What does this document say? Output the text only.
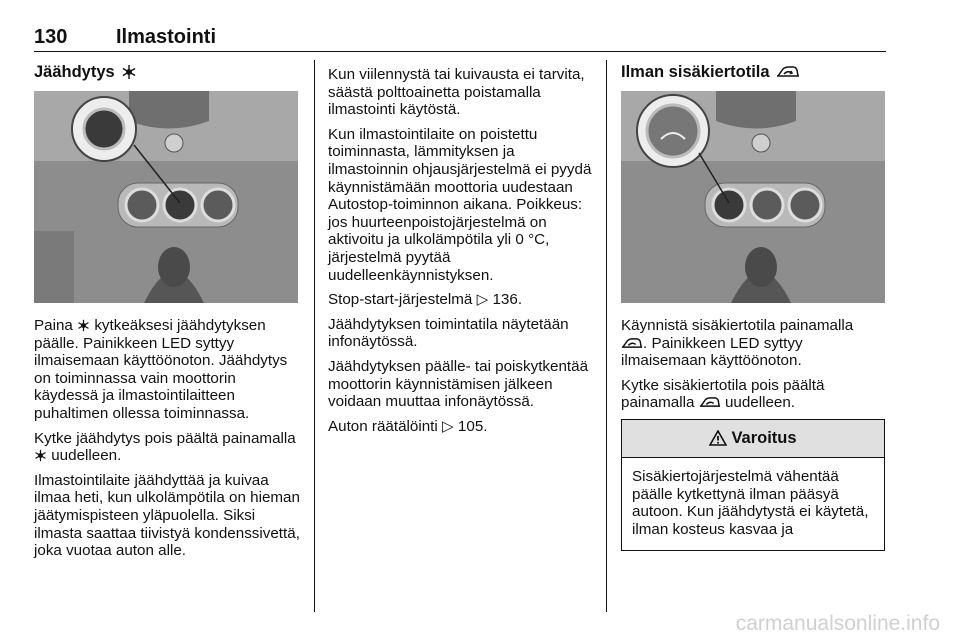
130 Ilmastointi
Jäähdytys

Paina kytkeäksesi jäähdytyksen päälle. Painikkeen LED syttyy ilmaisemaan käyttöönoton. Jäähdytys on toiminnassa vain moottorin käydessä ja ilmastointilaitteen puhaltimen ollessa toiminnassa.

Kytke jäähdytys pois päältä painamalla  uudelleen.

Ilmastointilaite jäähdyttää ja kuivaa ilmaa heti, kun ulkolämpötila on hieman jäätymispisteen yläpuolella. Siksi ilmasta saattaa tiivistyä kondenssivettä, joka vuotaa auton alle.

Kun viilennystä tai kuivausta ei tarvita, säästä polttoainetta poistamalla ilmastointi käytöstä.

Kun ilmastointilaite on poistettu toiminnasta, lämmityksen ja ilmastoinnin ohjausjärjestelmä ei pyydä käynnistämään moottoria uudestaan Autostop-toiminnon aikana. Poikkeus: jos huurteenpoistojärjestelmä on aktivoitu ja ulkolämpötila yli 0 °C, järjestelmä pyytää uudelleenkäynnistyksen.

Stop-start-järjestelmä ▷ 136.

Jäähdytyksen toimintatila näytetään infonäytössä.

Jäähdytyksen päälle- tai poiskytkentää moottorin käynnistämisen jälkeen voidaan muuttaa infonäytössä.

Auton räätälöinti ▷ 105.

Ilman sisäkiertotila

Käynnistä sisäkiertotila painamalla
. Painikkeen LED syttyy ilmaisemaan käyttöönoton.

Kytke sisäkiertotila pois päältä painamalla uudelleen.

Varoitus
Sisäkiertojärjestelmä vähentää päälle kytkettynä ilman pääsyä autoon. Kun jäähdytystä ei käytetä, ilman kosteus kasvaa ja
carmanualsonline.info
